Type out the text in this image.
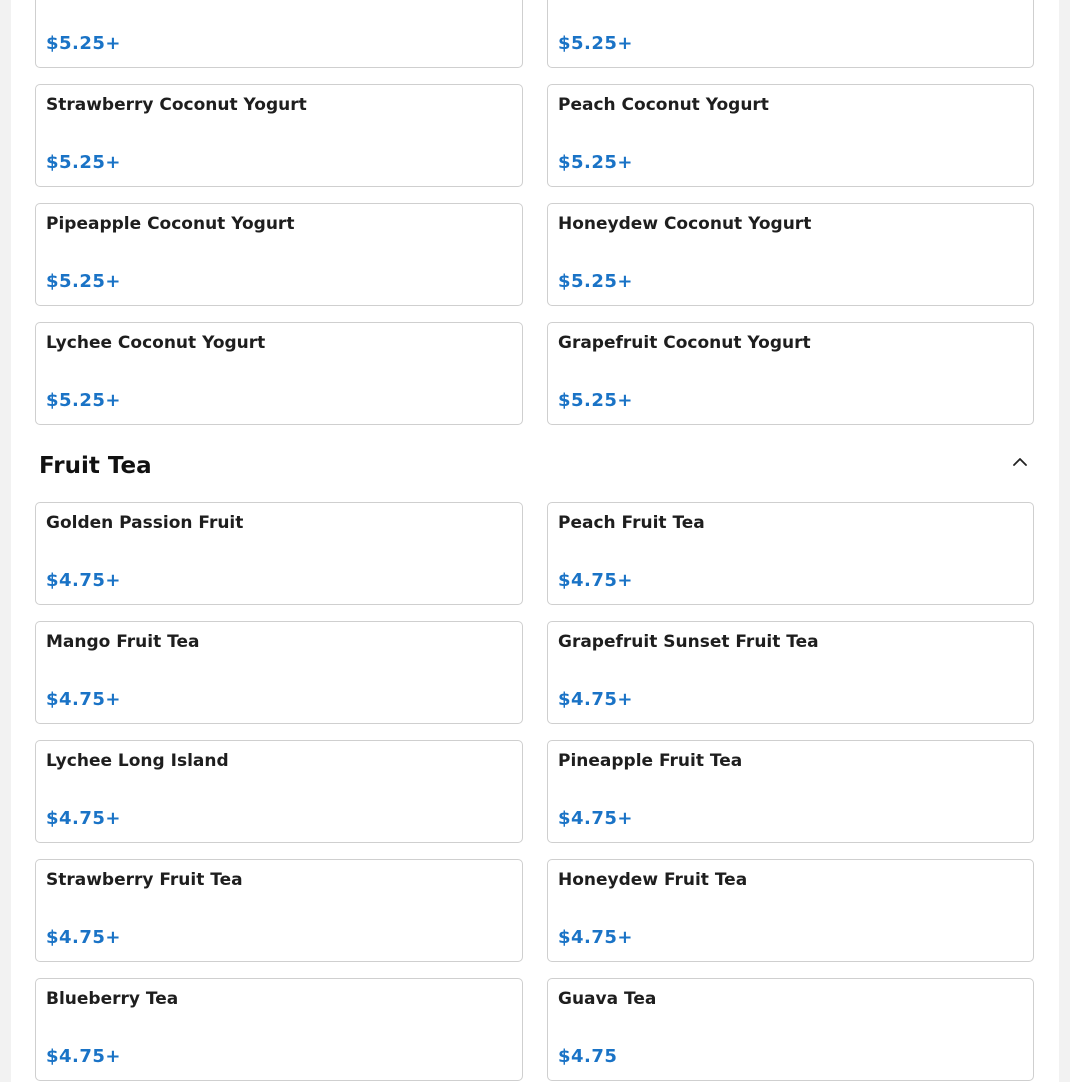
$5.25+	$5.25+
Strawberry Coconut Yogurt
$5.25+
Peach Coconut Yogurt
$5.25+
Pipeapple Coconut Yogurt
$5.25+
Honeydew Coconut Yogurt
$5.25+
Lychee Coconut Yogurt
$5.25+
Grapefruit Coconut Yogurt
$5.25+
Fruit Tea
Golden Passion Fruit
$4.75+
Peach Fruit Tea
$4.75+
Mango Fruit Tea
$4.75+
Grapefruit Sunset Fruit Tea
$4.75+
Lychee Long Island
$4.75+
Pineapple Fruit Tea
$4.75+
Strawberry Fruit Tea
$4.75+
Honeydew Fruit Tea
$4.75+
Blueberry Tea
$4.75+
Guava Tea
$4.75
